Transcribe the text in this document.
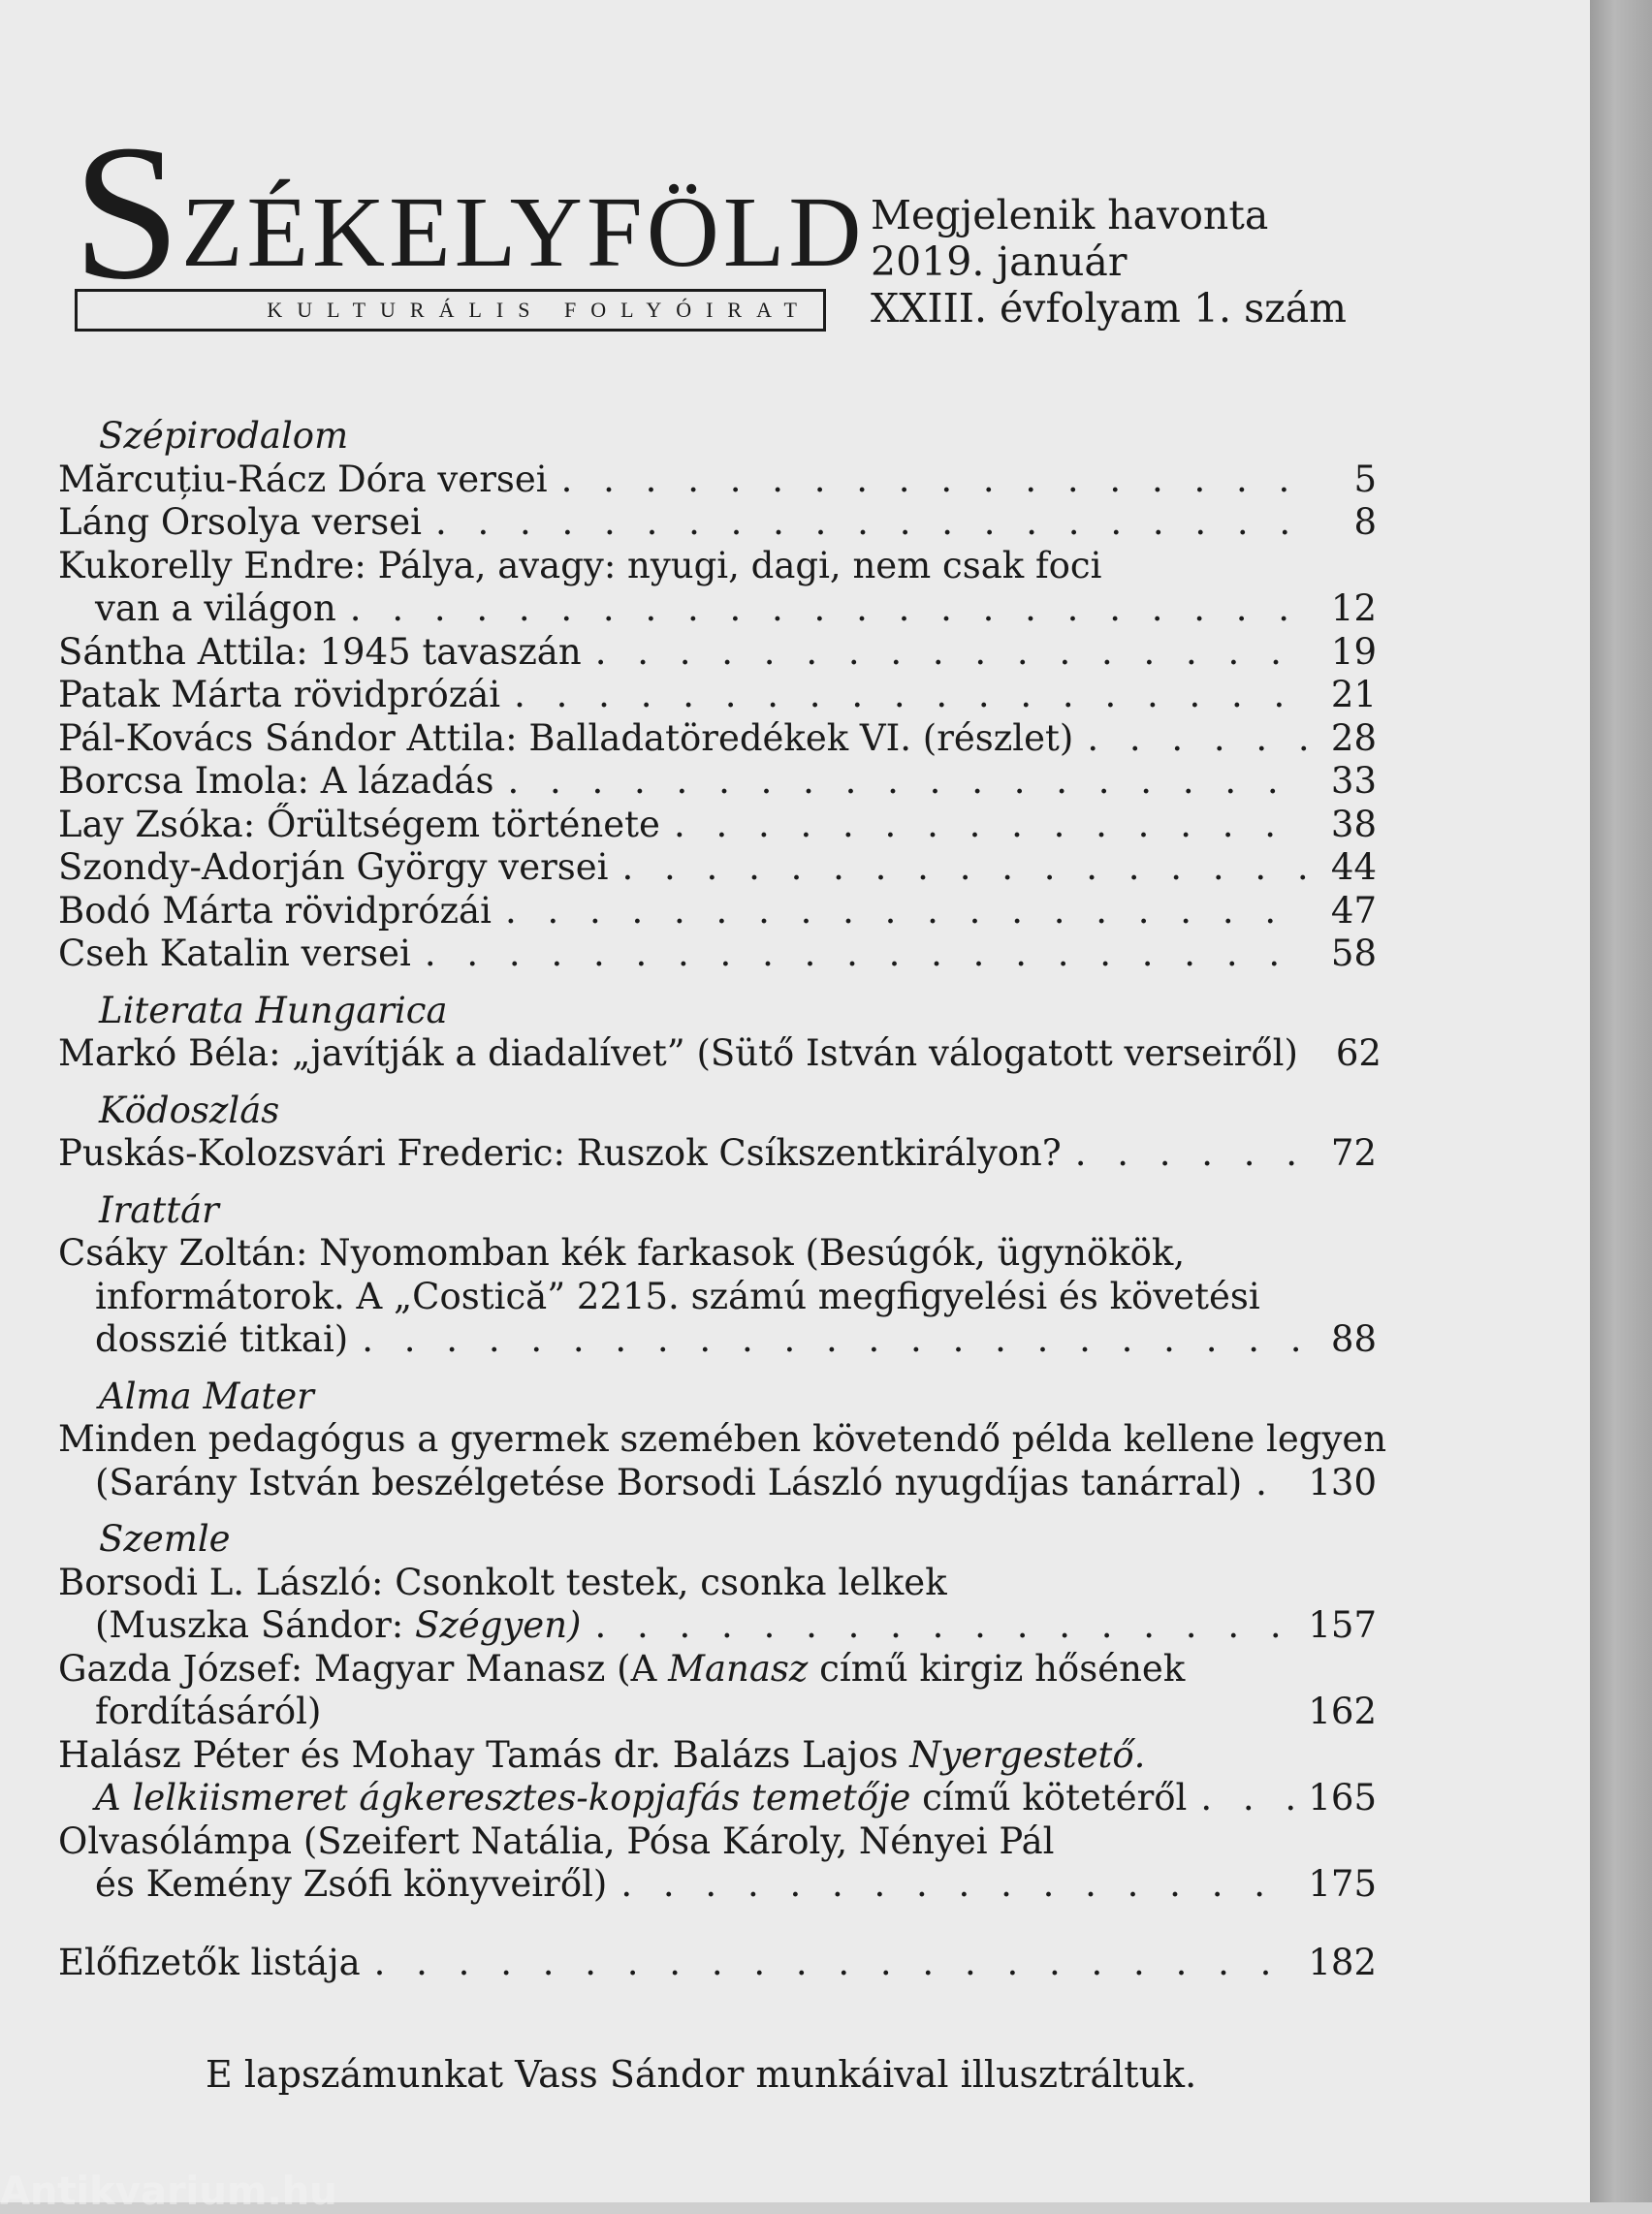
S ZÉKELYFÖLD
KULTURÁLIS FOLYÓIRAT
Megjelenik havonta
2019. január
XXIII. évfolyam 1. szám
Szépirodalom
Mărcuțiu-Rácz Dóra versei . . .	5
Láng Orsolya versei . . .	8
Kukorelly Endre: Pálya, avagy: nyugi, dagi, nem csak foci
van a világon . . .	12
Sántha Attila: 1945 tavaszán . . .	19
Patak Márta rövidprózái . . .	21
Pál-Kovács Sándor Attila: Balladatöredékek VI. (részlet) . . .	28
Borcsa Imola: A lázadás . . .	33
Lay Zsóka: Őrültségem története . . .	38
Szondy-Adorján György versei . . .	44
Bodó Márta rövidprózái . . .	47
Cseh Katalin versei . . .	58
Literata Hungarica
Markó Béla: „javítják a diadalívet” (Sütő István válogatott verseiről)	62
Ködoszlás
Puskás-Kolozsvári Frederic: Ruszok Csíkszentkirályon? . . .	72
Irattár
Csáky Zoltán: Nyomomban kék farkasok (Besúgók, ügynökök,
informátorok. A „Costică” 2215. számú megfigyelési és követési
dosszié titkai) . . .	88
Alma Mater
Minden pedagógus a gyermek szemében követendő példa kellene legyen
(Sarány István beszélgetése Borsodi László nyugdíjas tanárral) . . . 130
Szemle
Borsodi L. László: Csonkolt testek, csonka lelkek
(Muszka Sándor: Szégyen) . . .	157
Gazda József: Magyar Manasz (A Manasz című kirgiz hősének
fordításáról)	162
Halász Péter és Mohay Tamás dr. Balázs Lajos Nyergestető.
A lelkiismeret ágkeresztes-kopjafás temetője című kötetéről . . .	165
Olvasólámpa (Szeifert Natália, Pósa Károly, Nényei Pál
és Kemény Zsófi könyveiről) . . .	175
Előfizetők listája . . .	182
E lapszámunkat Vass Sándor munkáival illusztráltuk.
Antikvarium.hu
